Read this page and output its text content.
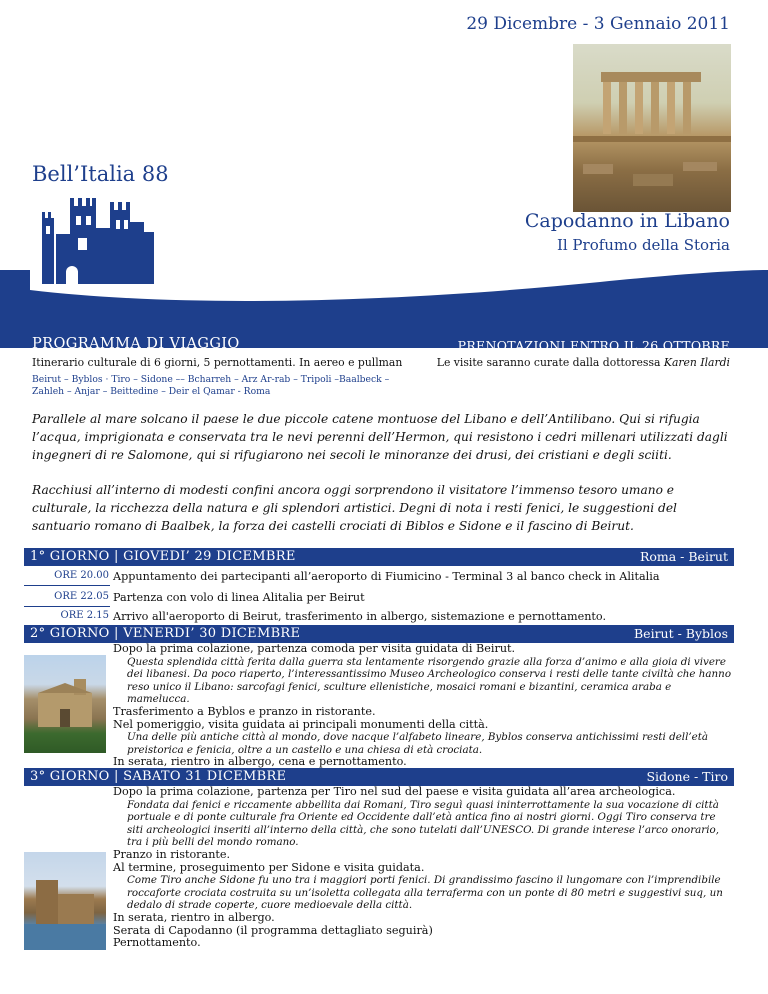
29 Dicembre - 3 Gennaio 2011
Bell’Italia 88
Capodanno in Libano
Il Profumo della Storia
PROGRAMMA DI VIAGGIO	PRENOTAZIONI ENTRO IL 26 OTTOBRE
Itinerario culturale di 6 giorni, 5 pernottamenti. In aereo e pullman	Le visite saranno curate dalla dottoressa Karen Ilardi
Beirut – Byblos · Tiro – Sidone –– Bcharreh – Arz Ar-rab – Tripoli –Baalbeck –
Zahleh – Anjar – Beittedine – Deir el Qamar - Roma
Parallele al mare solcano il paese le due piccole catene montuose del Libano e dell’Antilibano. Qui si rifugia l’acqua, imprigionata e conservata tra le nevi perenni dell’Hermon, qui resistono i cedri millenari utilizzati dagli ingegneri di re Salomone, qui si rifugiarono nei secoli le minoranze dei drusi, dei cristiani e degli sciiti.
Racchiusi all’interno di modesti confini ancora oggi sorprendono il visitatore l’immenso tesoro umano e culturale, la ricchezza della natura e gli splendori artistici. Degni di nota i resti fenici, le suggestioni del santuario romano di Baalbek, la forza dei castelli crociati di Biblos e Sidone e il fascino di Beirut.
1° GIORNO | GIOVEDI’ 29 DICEMBRE	Roma - Beirut
ORE 20.00 Appuntamento dei partecipanti all’aeroporto di Fiumicino - Terminal 3 al banco check in Alitalia
ORE 22.05 Partenza con volo di linea Alitalia per Beirut
ORE 2.15 Arrivo all'aeroporto di Beirut, trasferimento in albergo, sistemazione e pernottamento.
2° GIORNO | VENERDI’ 30 DICEMBRE	Beirut - Byblos
Dopo la prima colazione, partenza comoda per visita guidata di Beirut.
Questa splendida città ferita dalla guerra sta lentamente risorgendo grazie alla forza d’animo e alla gioia di vivere dei libanesi. Da poco riaperto, l’interessantissimo Museo Archeologico conserva i resti delle tante civiltà che hanno reso unico il Libano: sarcofagi fenici, sculture ellenistiche, mosaici romani e bizantini, ceramica araba e mamelucca.
Trasferimento a Byblos e pranzo in ristorante.
Nel pomeriggio, visita guidata ai principali monumenti della città.
Una delle più antiche città al mondo, dove nacque l’alfabeto lineare, Byblos conserva antichissimi resti dell’età preistorica e fenicia, oltre a un castello e una chiesa di età crociata.
In serata, rientro in albergo, cena e pernottamento.
3° GIORNO | SABATO 31 DICEMBRE	Sidone - Tiro
Dopo la prima colazione, partenza per Tiro nel sud del paese e visita guidata all’area archeologica.
Fondata dai fenici e riccamente abbellita dai Romani, Tiro seguì quasi ininterrottamente la sua vocazione di città portuale e di ponte culturale fra Oriente ed Occidente dall’età antica fino ai nostri giorni. Oggi Tiro conserva tre siti archeologici inseriti all’interno della città, che sono tutelati dall’UNESCO. Di grande interese l’arco onorario, tra i più belli del mondo romano.
Pranzo in ristorante.
Al termine, proseguimento per Sidone e visita guidata.
Come Tiro anche Sidone fu uno tra i maggiori porti fenici. Di grandissimo fascino il lungomare con l’imprendibile roccaforte crociata costruita su un’isoletta collegata alla terraferma con un ponte di 80 metri e suggestivi suq, un dedalo di strade coperte, cuore medioevale della città.
In serata, rientro in albergo.
Serata di Capodanno (il programma dettagliato seguirà)
Pernottamento.
